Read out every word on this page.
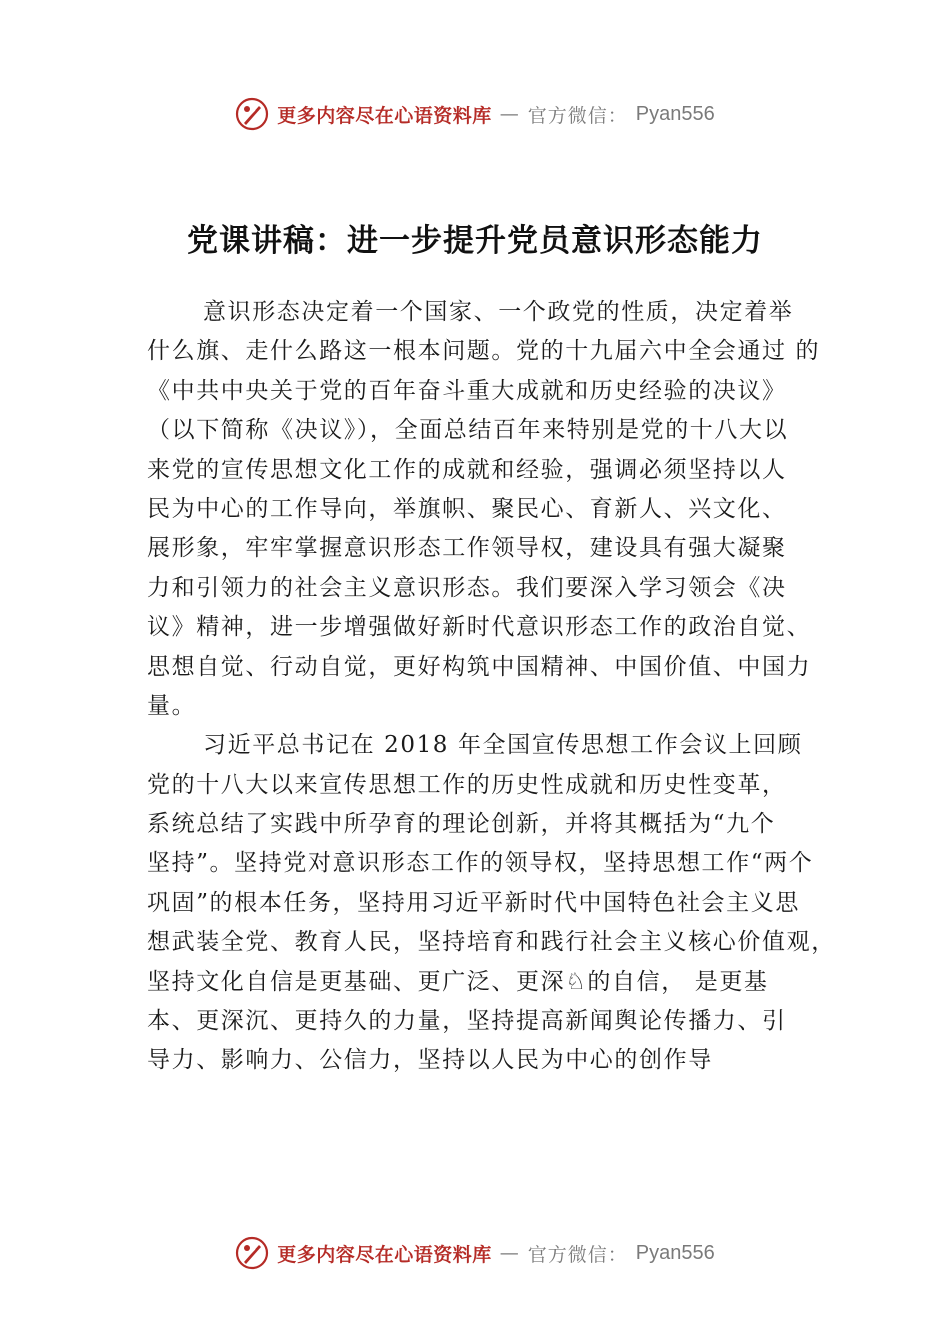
更多内容尽在心语资料库 — 官方微信： Pyan556
党课讲稿：进一步提升党员意识形态能力
意识形态决定着一个国家、一个政党的性质，决定着举
什么旗、走什么路这一根本问题。党的十九届六中全会通过 的
《中共中央关于党的百年奋斗重大成就和历史经验的决议》
（以下简称《决议》），全面总结百年来特别是党的十八大以
来党的宣传思想文化工作的成就和经验，强调必须坚持以人
民为中心的工作导向，举旗帜、聚民心、育新人、兴文化、
展形象，牢牢掌握意识形态工作领导权，建设具有强大凝聚
力和引领力的社会主义意识形态。我们要深入学习领会《决
议》精神，进一步增强做好新时代意识形态工作的政治自觉、
思想自觉、行动自觉，更好构筑中国精神、中国价值、中国力
量。
习近平总书记在 2018 年全国宣传思想工作会议上回顾
党的十八大以来宣传思想工作的历史性成就和历史性变革，
系统总结了实践中所孕育的理论创新，并将其概括为“九个
坚持”。坚持党对意识形态工作的领导权，坚持思想工作“两个
巩固”的根本任务，坚持用习近平新时代中国特色社会主义思
想武装全党、教育人民，坚持培育和践行社会主义核心价值观，
坚持文化自信是更基础、更广泛、更深♘的自信， 是更基
本、更深沉、更持久的力量，坚持提高新闻舆论传播力、引
导力、影响力、公信力，坚持以人民为中心的创作导
更多内容尽在心语资料库 — 官方微信： Pyan556
